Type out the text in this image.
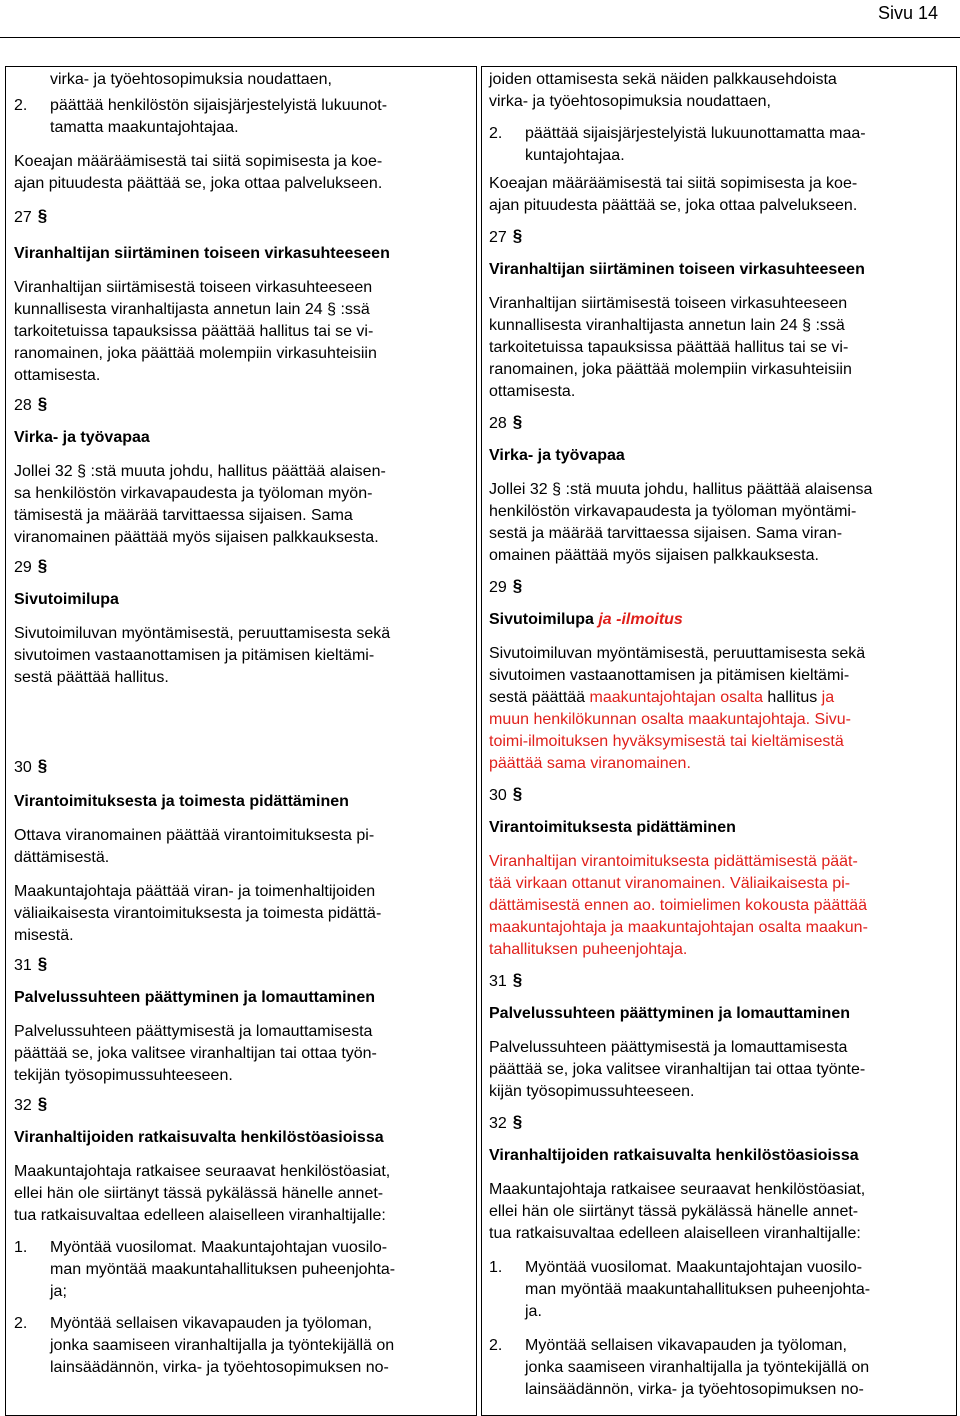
Sivu 14
virka- ja työehtosopimuksia noudattaen,
2.	päättää henkilöstön sijaisjärjestelyistä lukuunot-
tamatta maakuntajohtajaa.

Koeajan määräämisestä tai siitä sopimisesta ja koe-
ajan pituudesta päättää se, joka ottaa palvelukseen.

27§
Viranhaltijan siirtäminen toiseen virkasuhteeseen

Viranhaltijan siirtämisestä toiseen virkasuhteeseen
kunnallisesta viranhaltijasta annetun lain 24 § :ssä
tarkoitetuissa tapauksissa päättää hallitus tai se vi-
ranomainen, joka päättää molempiin virkasuhteisiin
ottamisesta.

28§
Virka- ja työvapaa

Jollei 32 § :stä muuta johdu, hallitus päättää alaisen-
sa henkilöstön virkavapaudesta ja työloman myön-
tämisestä ja määrää tarvittaessa sijaisen. Sama
viranomainen päättää myös sijaisen palkkauksesta.

29§
Sivutoimilupa

Sivutoimiluvan myöntämisestä, peruuttamisesta sekä
sivutoimen vastaanottamisen ja pitämisen kieltämi-
sestä päättää hallitus.

30§
Virantoimituksesta ja toimesta pidättäminen

Ottava viranomainen päättää virantoimituksesta pi-
dättämisestä.

Maakuntajohtaja päättää viran- ja toimenhaltijoiden
väliaikaisesta virantoimituksesta ja toimesta pidättä-
misestä.

31§
Palvelussuhteen päättyminen ja lomauttaminen

Palvelussuhteen päättymisestä ja lomauttamisesta
päättää se, joka valitsee viranhaltijan tai ottaa työn-
tekijän työsopimussuhteeseen.

32§
Viranhaltijoiden ratkaisuvalta henkilöstöasioissa

Maakuntajohtaja ratkaisee seuraavat henkilöstöasiat,
ellei hän ole siirtänyt tässä pykälässä hänelle annet-
tua ratkaisuvaltaa edelleen alaiselleen viranhaltijalle:

1.	Myöntää vuosilomat. Maakuntajohtajan vuosilo-
man myöntää maakuntahallituksen puheenjohta-
ja;
2.	Myöntää sellaisen vikavapauden ja työloman,
jonka saamiseen viranhaltijalla ja työntekijällä on
lainsäädännön, virka- ja työehtosopimuksen no-

joiden ottamisesta sekä näiden palkkausehdoista
virka- ja työehtosopimuksia noudattaen,

2.	päättää sijaisjärjestelyistä lukuunottamatta maa-
kuntajohtajaa.

Koeajan määräämisestä tai siitä sopimisesta ja koe-
ajan pituudesta päättää se, joka ottaa palvelukseen.

27§
Viranhaltijan siirtäminen toiseen virkasuhteeseen

Viranhaltijan siirtämisestä toiseen virkasuhteeseen
kunnallisesta viranhaltijasta annetun lain 24 § :ssä
tarkoitetuissa tapauksissa päättää hallitus tai se vi-
ranomainen, joka päättää molempiin virkasuhteisiin
ottamisesta.

28§
Virka- ja työvapaa

Jollei 32 § :stä muuta johdu, hallitus päättää alaisensa
henkilöstön virkavapaudesta ja työloman myöntämi-
sestä ja määrää tarvittaessa sijaisen. Sama viran-
omainen päättää myös sijaisen palkkauksesta.

29§
Sivutoimilupa ja -ilmoitus

Sivutoimiluvan myöntämisestä, peruuttamisesta sekä
sivutoimen vastaanottamisen ja pitämisen kieltämi-
sestä päättää maakuntajohtajan osalta hallitus ja
muun henkilökunnan osalta maakuntajohtaja. Sivu-
toimi-ilmoituksen hyväksymisestä tai kieltämisestä
päättää sama viranomainen.

30§
Virantoimituksesta pidättäminen

Viranhaltijan virantoimituksesta pidättämisestä päät-
tää virkaan ottanut viranomainen. Väliaikaisesta pi-
dättämisestä ennen ao. toimielimen kokousta päättää
maakuntajohtaja ja maakuntajohtajan osalta maakun-
tahallituksen puheenjohtaja.

31§
Palvelussuhteen päättyminen ja lomauttaminen

Palvelussuhteen päättymisestä ja lomauttamisesta
päättää se, joka valitsee viranhaltijan tai ottaa työnte-
kijän työsopimussuhteeseen.

32§
Viranhaltijoiden ratkaisuvalta henkilöstöasioissa

Maakuntajohtaja ratkaisee seuraavat henkilöstöasiat,
ellei hän ole siirtänyt tässä pykälässä hänelle annet-
tua ratkaisuvaltaa edelleen alaiselleen viranhaltijalle:

1.	Myöntää vuosilomat. Maakuntajohtajan vuosilo-
man myöntää maakuntahallituksen puheenjohta-
ja.
2.	Myöntää sellaisen vikavapauden ja työloman,
jonka saamiseen viranhaltijalla ja työntekijällä on
lainsäädännön, virka- ja työehtosopimuksen no-
